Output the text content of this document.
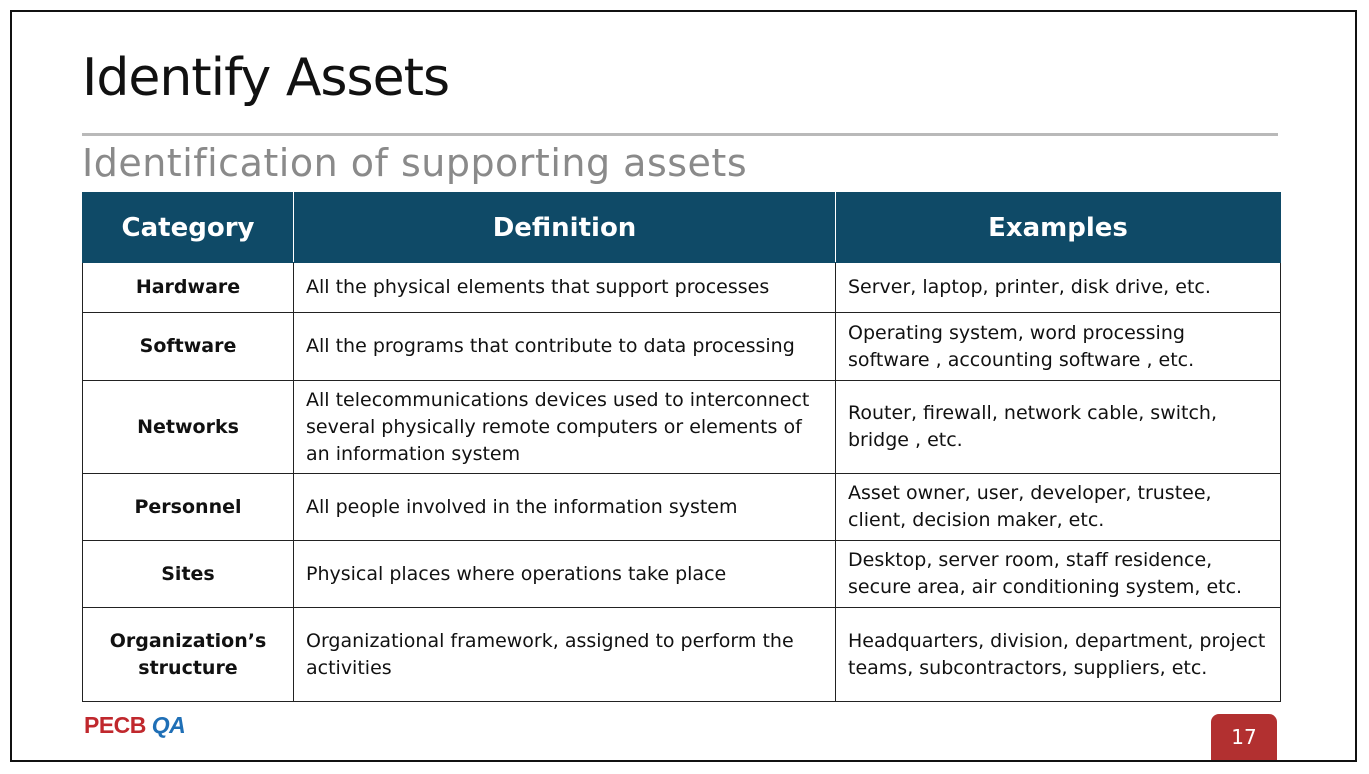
Identify Assets
Identification of supporting assets
Category	Definition	Examples
Hardware	All the physical elements that support processes	Server, laptop, printer, disk drive, etc.
Software	All the programs that contribute to data processing	Operating system, word processing software , accounting software , etc.
Networks	All telecommunications devices used to interconnect several physically remote computers or elements of an information system	Router, firewall, network cable, switch, bridge , etc.
Personnel	All people involved in the information system	Asset owner, user, developer, trustee, client, decision maker, etc.
Sites	Physical places where operations take place	Desktop, server room, staff residence, secure area, air conditioning system, etc.
Organization’s structure	Organizational framework, assigned to perform the activities	Headquarters, division, department, project teams, subcontractors, suppliers, etc.
PECB QA	17
